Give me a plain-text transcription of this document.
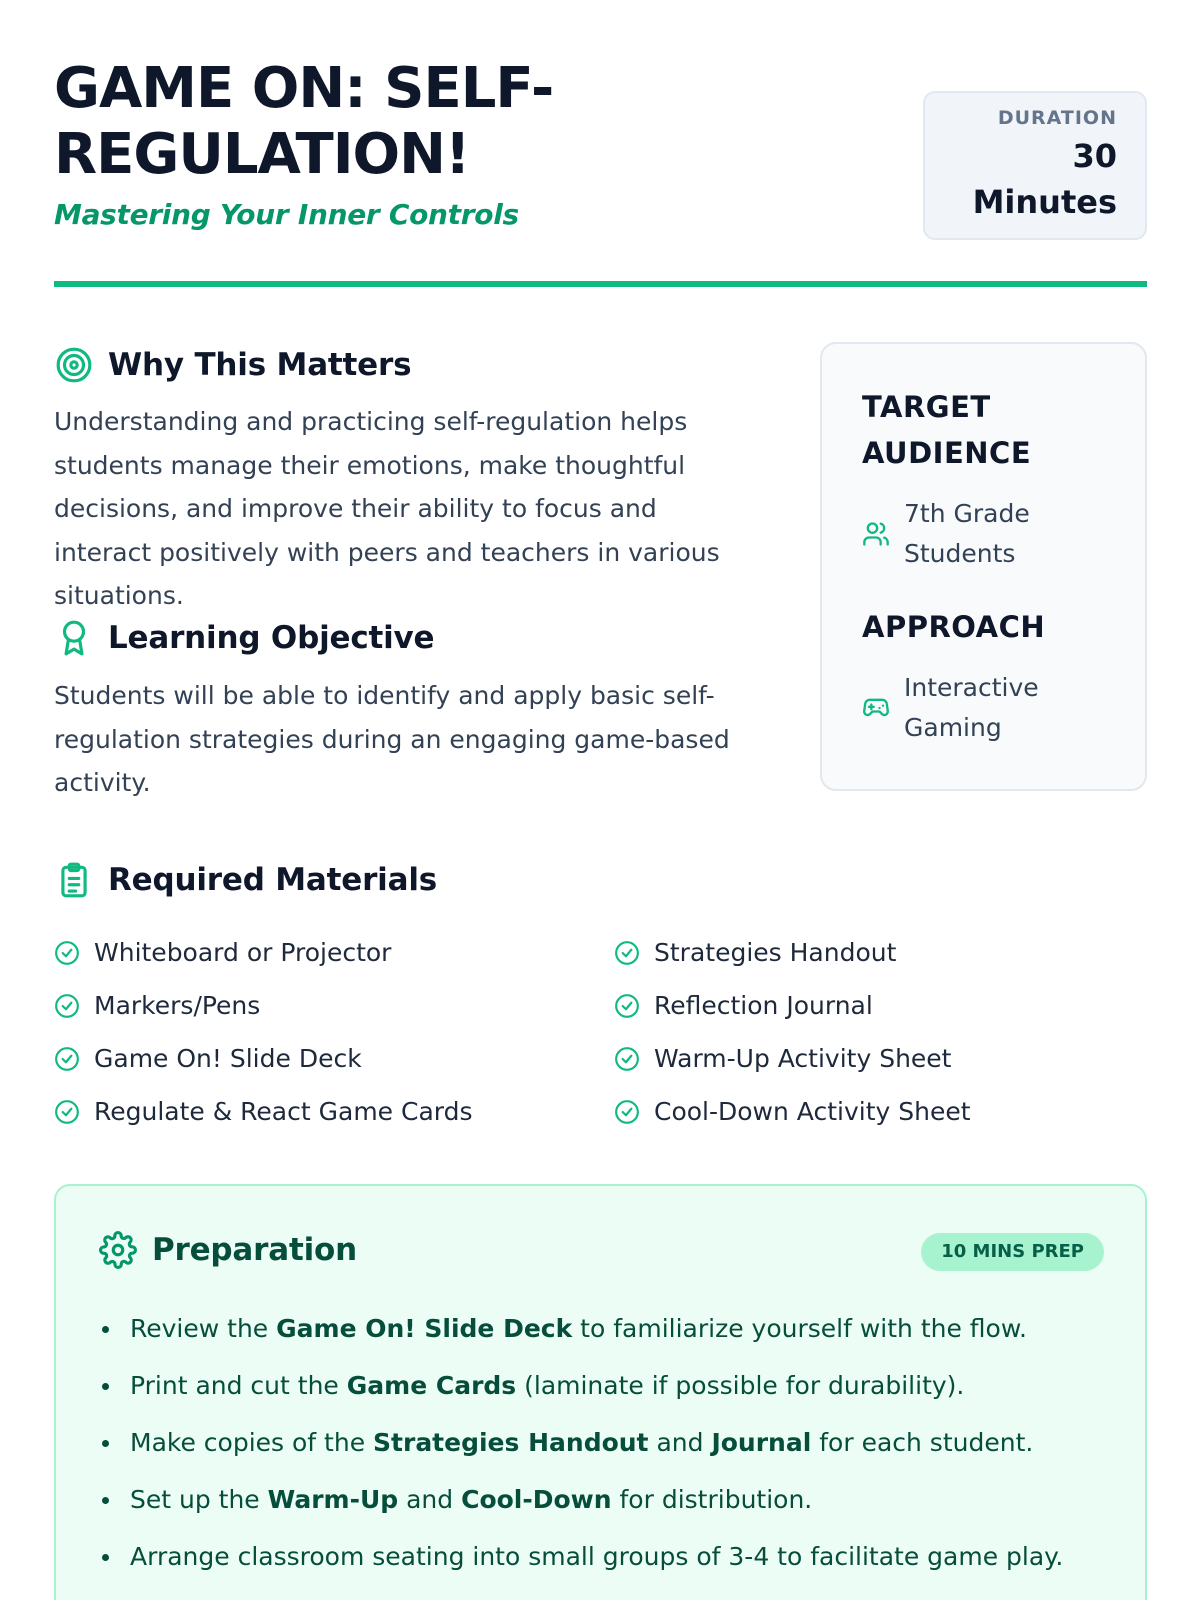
GAME ON: SELF-REGULATION!
Mastering Your Inner Controls
DURATION
30 Minutes
Why This Matters

Understanding and practicing self-regulation helps students manage their emotions, make thoughtful decisions, and improve their ability to focus and interact positively with peers and teachers in various situations.

Learning Objective

Students will be able to identify and apply basic self-regulation strategies during an engaging game-based activity.

TARGET AUDIENCE
7th Grade Students
APPROACH
Interactive Gaming
Required Materials
Whiteboard or Projector
Markers/Pens
Game On! Slide Deck
Regulate & React Game Cards
Strategies Handout
Reflection Journal
Warm-Up Activity Sheet
Cool-Down Activity Sheet
Preparation	10 MINS PREP
Review the Game On! Slide Deck to familiarize yourself with the flow.
Print and cut the Game Cards (laminate if possible for durability).
Make copies of the Strategies Handout and Journal for each student.
Set up the Warm-Up and Cool-Down for distribution.
Arrange classroom seating into small groups of 3-4 to facilitate game play.
